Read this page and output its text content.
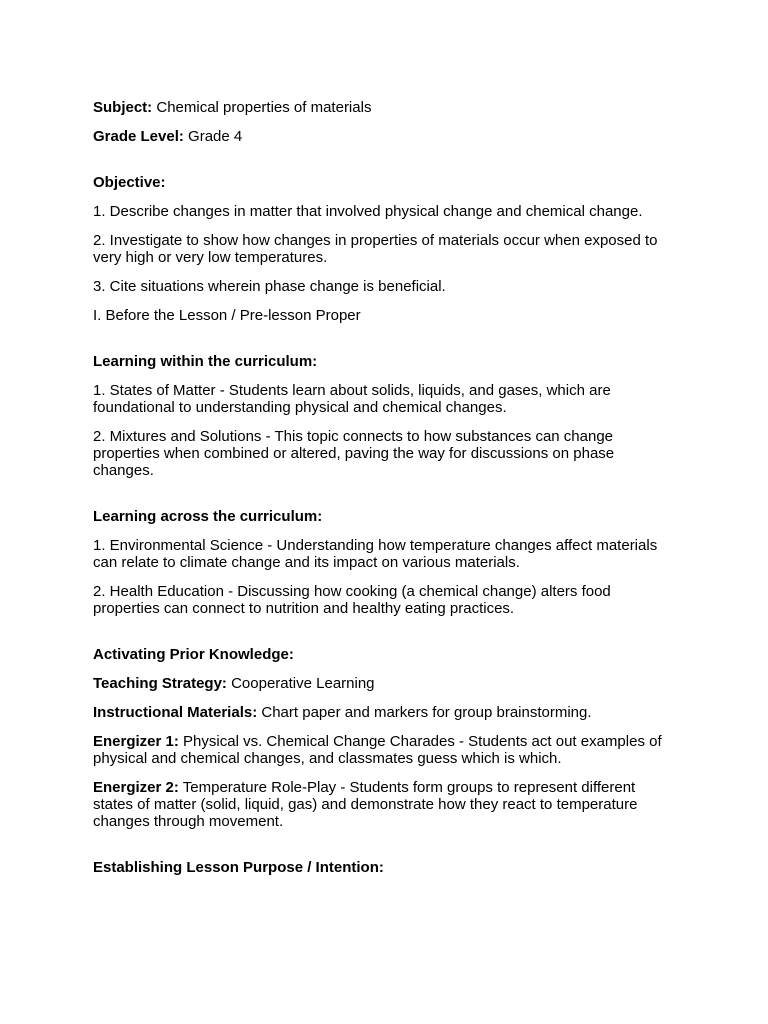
Subject: Chemical properties of materials

Grade Level: Grade 4

Objective:

1. Describe changes in matter that involved physical change and chemical change.

2. Investigate to show how changes in properties of materials occur when exposed to very high or very low temperatures.

3. Cite situations wherein phase change is beneficial.

I. Before the Lesson / Pre-lesson Proper

Learning within the curriculum:

1. States of Matter - Students learn about solids, liquids, and gases, which are foundational to understanding physical and chemical changes.

2. Mixtures and Solutions - This topic connects to how substances can change properties when combined or altered, paving the way for discussions on phase changes.

Learning across the curriculum:

1. Environmental Science - Understanding how temperature changes affect materials can relate to climate change and its impact on various materials.

2. Health Education - Discussing how cooking (a chemical change) alters food properties can connect to nutrition and healthy eating practices.

Activating Prior Knowledge:

Teaching Strategy: Cooperative Learning

Instructional Materials: Chart paper and markers for group brainstorming.

Energizer 1: Physical vs. Chemical Change Charades - Students act out examples of physical and chemical changes, and classmates guess which is which.

Energizer 2: Temperature Role-Play - Students form groups to represent different states of matter (solid, liquid, gas) and demonstrate how they react to temperature changes through movement.

Establishing Lesson Purpose / Intention:
